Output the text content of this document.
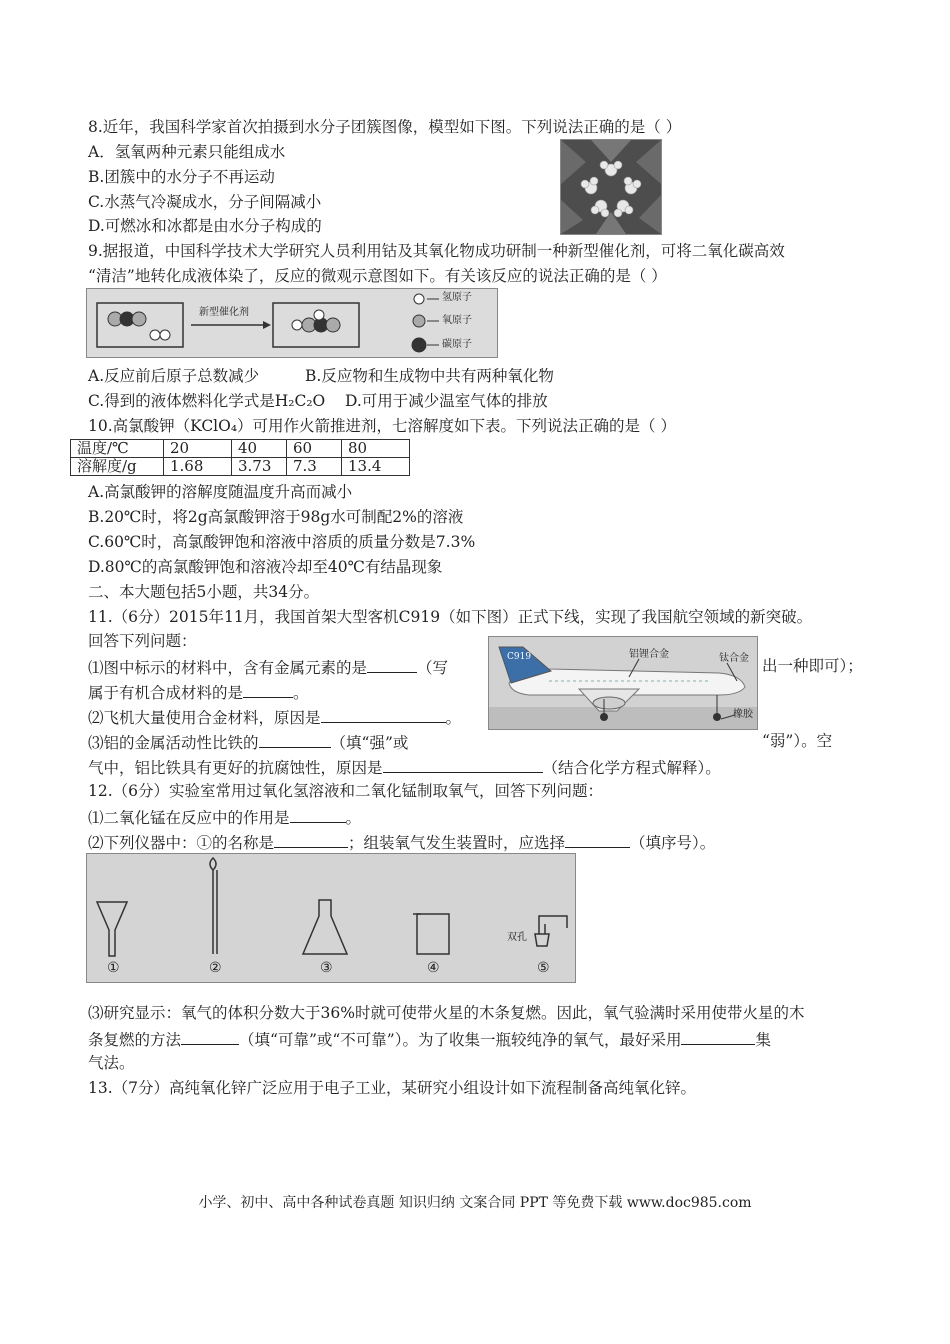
8.近年，我国科学家首次拍摄到水分子团簇图像，模型如下图。下列说法正确的是（ ）
A．氢氧两种元素只能组成水
B.团簇中的水分子不再运动
C.水蒸气冷凝成水，分子间隔减小
D.可燃冰和冰都是由水分子构成的
9.据报道，中国科学技术大学研究人员利用钴及其氧化物成功研制一种新型催化剂，可将二氧化碳高效
“清洁”地转化成液体染了，反应的微观示意图如下。有关该反应的说法正确的是（ ）
新型催化剂
氢原子
氧原子
碳原子
A.反应前后原子总数减少	B.反应物和生成物中共有两种氧化物
C.得到的液体燃料化学式是H₂C₂O D.可用于减少温室气体的排放
10.高氯酸钾（KClO₄）可用作火箭推进剂，七溶解度如下表。下列说法正确的是（ ）
温度/℃	20	40	60	80
溶解度/g	1.68	3.73	7.3	13.4
A.高氯酸钾的溶解度随温度升高而减小
B.20℃时，将2g高氯酸钾溶于98g水可制配2%的溶液
C.60℃时，高氯酸钾饱和溶液中溶质的质量分数是7.3%
D.80℃的高氯酸钾饱和溶液冷却至40℃有结晶现象
二、本大题包括5小题，共34分。
11.（6分）2015年11月，我国首架大型客机C919（如下图）正式下线，实现了我国航空领域的新突破。
回答下列问题：
⑴图中标示的材料中，含有金属元素的是	（写	出一种即可）；
属于有机合成材料的是	。
⑵飞机大量使用合金材料，原因是	。
⑶铝的金属活动性比铁的	（填“强”或	“弱”）。空
气中，铝比铁具有更好的抗腐蚀性，原因是	（结合化学方程式解释）。
C919	铝锂合金	钛合金
橡胶
12.（6分）实验室常用过氧化氢溶液和二氧化锰制取氧气，回答下列问题：
⑴二氧化锰在反应中的作用是	。
⑵下列仪器中：①的名称是	；组装氧气发生装置时，应选择	（填序号）。
①	②	③	④	⑤
双孔
⑶研究显示：氧气的体积分数大于36%时就可使带火星的木条复燃。因此，氧气验满时采用使带火星的木
条复燃的方法	（填“可靠”或“不可靠”）。为了收集一瓶较纯净的氧气，最好采用	集
气法。
13.（7分）高纯氧化锌广泛应用于电子工业，某研究小组设计如下流程制备高纯氧化锌。
小学、初中、高中各种试卷真题 知识归纳 文案合同 PPT 等免费下载 www.doc985.com
